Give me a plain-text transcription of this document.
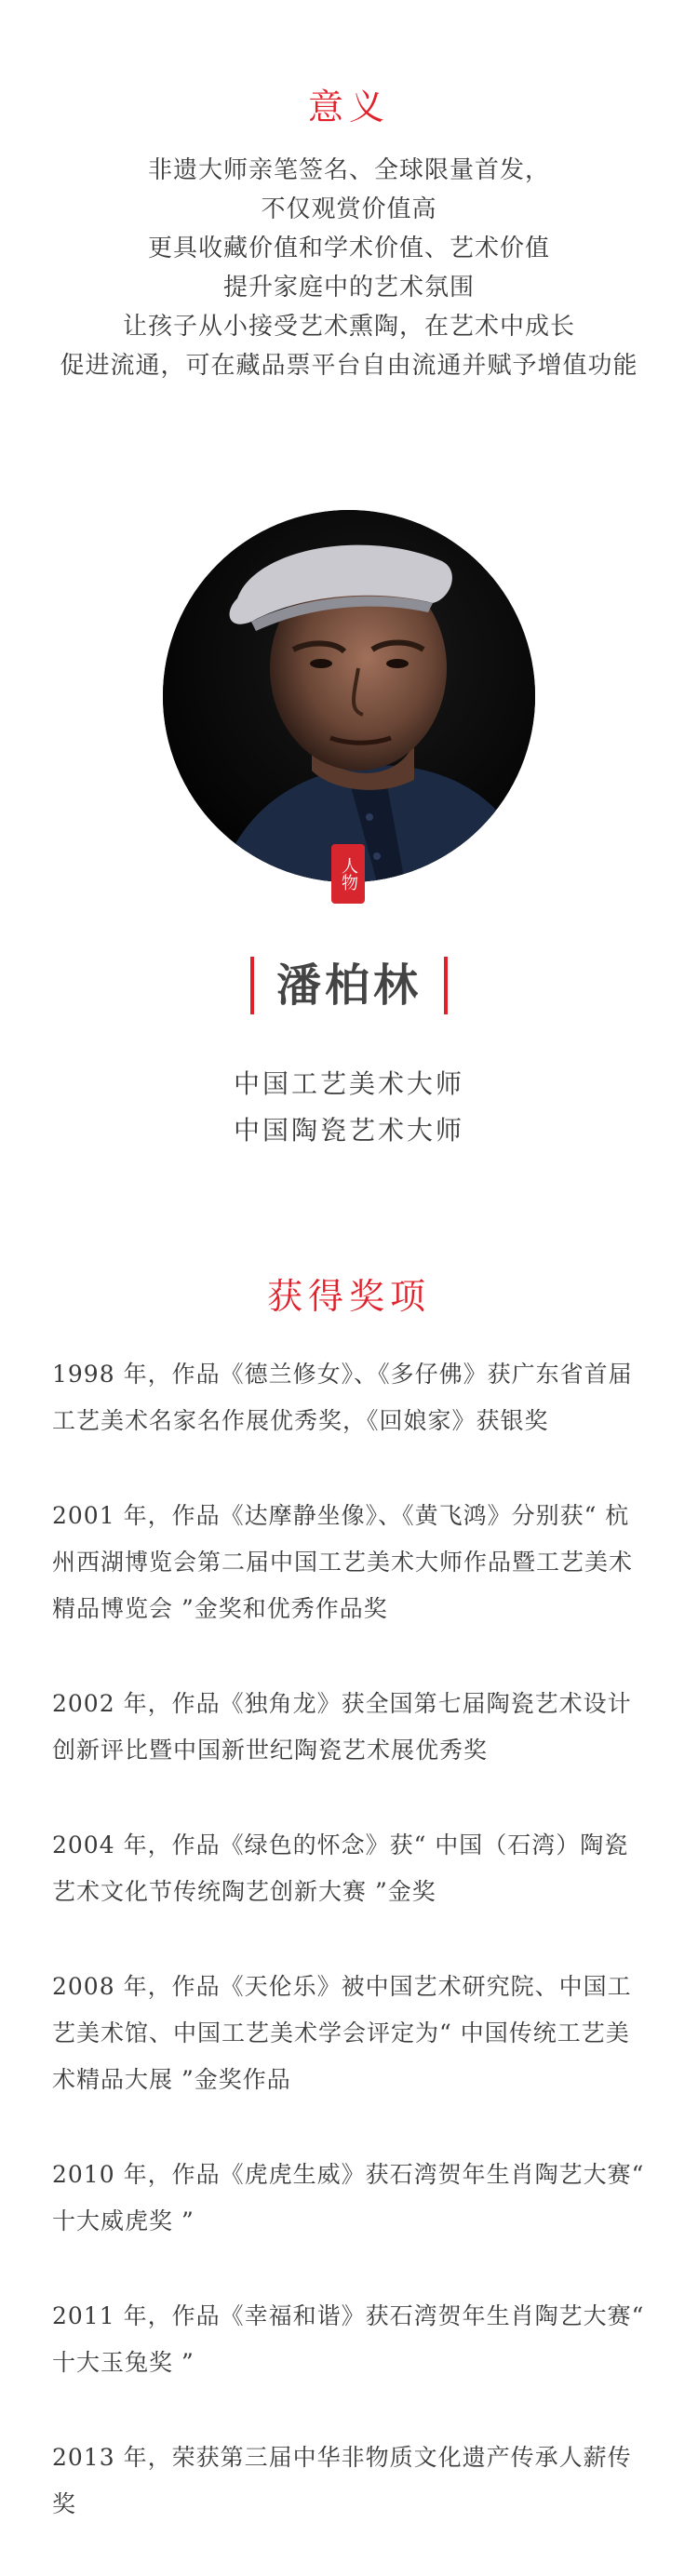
意义
非遗大师亲笔签名、全球限量首发，
不仅观赏价值高
更具收藏价值和学术价值、艺术价值
提升家庭中的艺术氛围
让孩子从小接受艺术熏陶，在艺术中成长
促进流通，可在藏品票平台自由流通并赋予增值功能
人物
潘柏林
中国工艺美术大师
中国陶瓷艺术大师
获得奖项
1998 年，作品《德兰修女》、《多仔佛》获广东省首届工艺美术名家名作展优秀奖，《回娘家》获银奖
2001 年，作品《达摩静坐像》、《黄飞鸿》分别获“ 杭州西湖博览会第二届中国工艺美术大师作品暨工艺美术精品博览会 ”金奖和优秀作品奖
2002 年，作品《独角龙》获全国第七届陶瓷艺术设计创新评比暨中国新世纪陶瓷艺术展优秀奖
2004 年，作品《绿色的怀念》获“ 中国（石湾）陶瓷艺术文化节传统陶艺创新大赛 ”金奖
2008 年，作品《天伦乐》被中国艺术研究院、中国工艺美术馆、中国工艺美术学会评定为“ 中国传统工艺美术精品大展 ”金奖作品
2010 年，作品《虎虎生威》获石湾贺年生肖陶艺大赛“ 十大威虎奖 ”
2011 年，作品《幸福和谐》获石湾贺年生肖陶艺大赛“ 十大玉兔奖 ”
2013 年，荣获第三届中华非物质文化遗产传承人薪传奖
